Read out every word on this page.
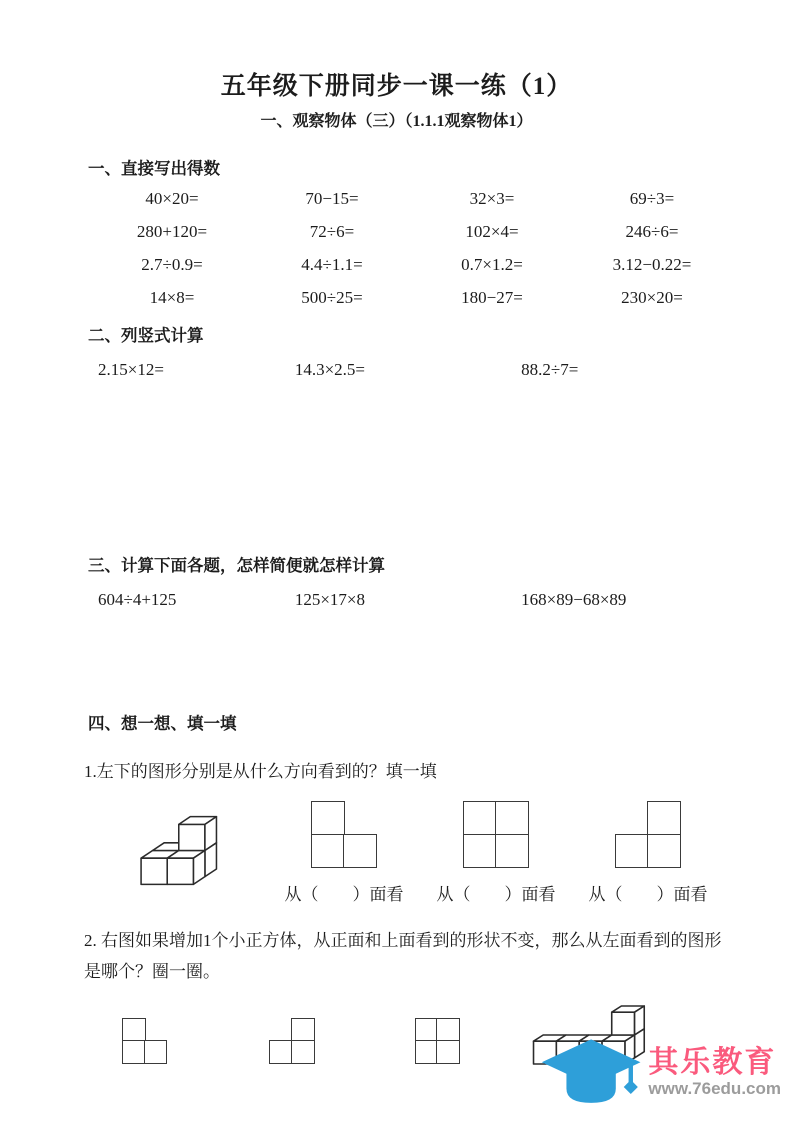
五年级下册同步一课一练（1）
一、观察物体（三）（1.1.1观察物体1）
一、直接写出得数
40×20=	70−15=	32×3=	69÷3=
280+120=	72÷6=	102×4=	246÷6=
2.7÷0.9=	4.4÷1.1=	0.7×1.2=	3.12−0.22=
14×8=	500÷25=	180−27=	230×20=
二、列竖式计算
2.15×12=	14.3×2.5=	88.2÷7=
三、计算下面各题，怎样简便就怎样计算
604÷4+125	125×17×8	168×89−68×89
四、想一想、填一填

1.左下的图形分别是从什么方向看到的？填一填

从（　　）面看 从（　　）面看 从（　　）面看

2. 右图如果增加1个小正方体，从正面和上面看到的形状不变，那么从左面看到的图形是哪个？圈一圈。

其乐教育
www.76edu.com
